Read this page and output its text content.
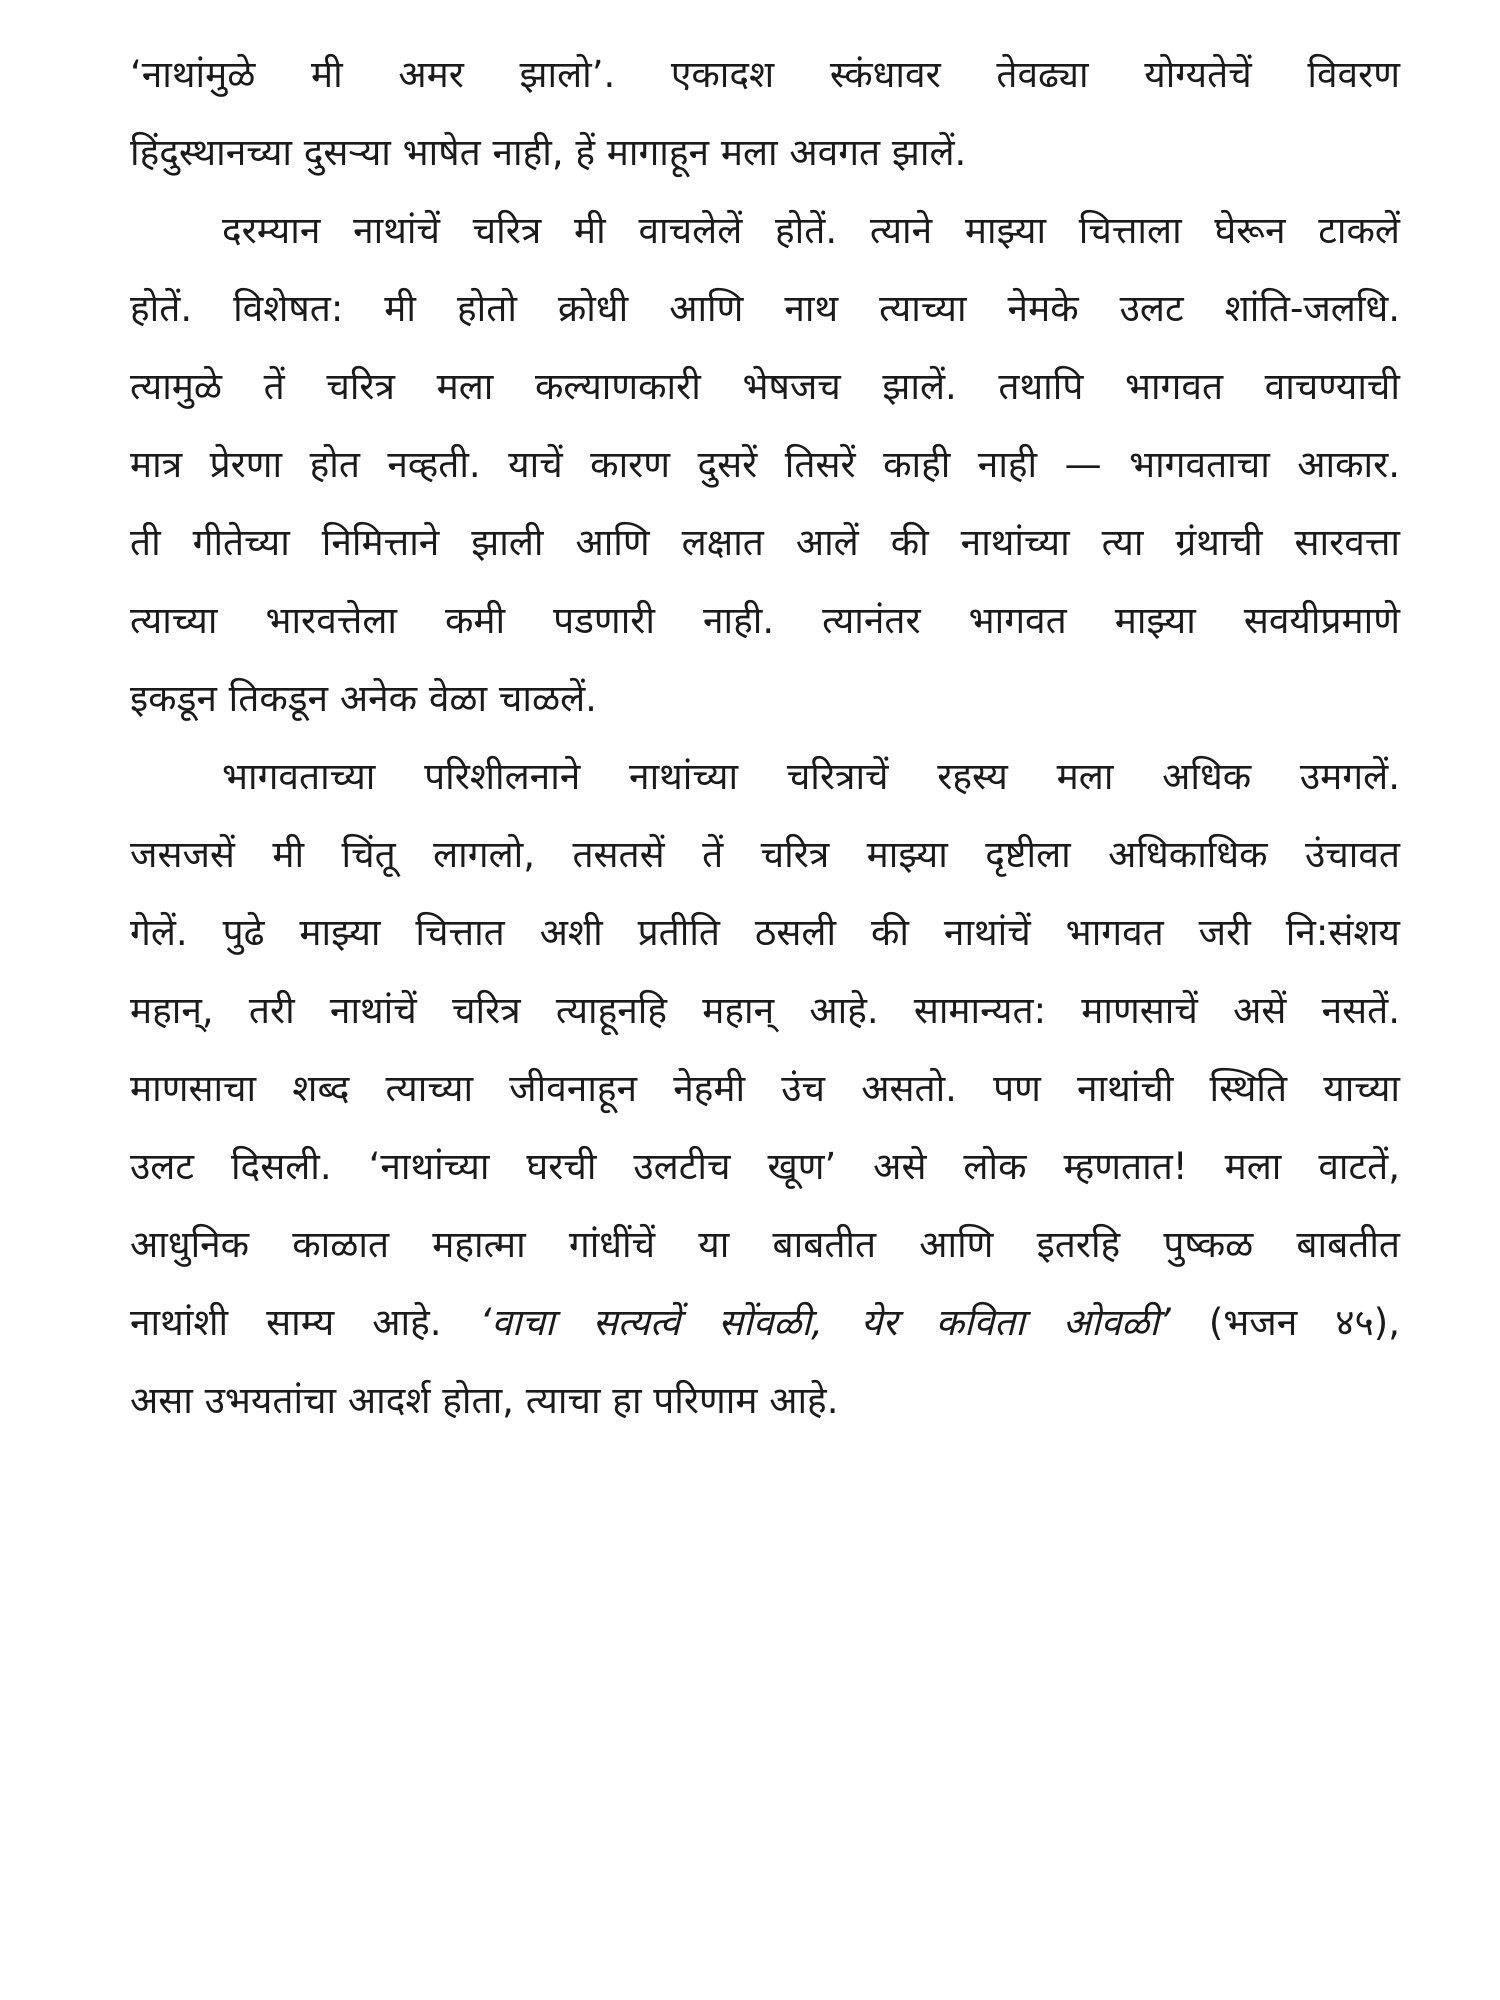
‘नाथांमुळे मी अमर झालो’. एकादश स्कंधावर तेवढ्या योग्यतेचें विवरण
हिंदुस्थानच्या दुसऱ्या भाषेत नाही, हें मागाहून मला अवगत झालें.
दरम्यान नाथांचें चरित्र मी वाचलेलें होतें. त्याने माझ्या चित्ताला घेरून टाकलें
होतें. विशेषत: मी होतो क्रोधी आणि नाथ त्याच्या नेमके उलट शांति-जलधि.
त्यामुळे तें चरित्र मला कल्याणकारी भेषजच झालें. तथापि भागवत वाचण्याची
मात्र प्रेरणा होत नव्हती. याचें कारण दुसरें तिसरें काही नाही — भागवताचा आकार.
ती गीतेच्या निमित्ताने झाली आणि लक्षात आलें की नाथांच्या त्या ग्रंथाची सारवत्ता
त्याच्या भारवत्तेला कमी पडणारी नाही. त्यानंतर भागवत माझ्या सवयीप्रमाणे
इकडून तिकडून अनेक वेळा चाळलें.
भागवताच्या परिशीलनाने नाथांच्या चरित्राचें रहस्य मला अधिक उमगलें.
जसजसें मी चिंतू लागलो, तसतसें तें चरित्र माझ्या दृष्टीला अधिकाधिक उंचावत
गेलें. पुढे माझ्या चित्तात अशी प्रतीति ठसली की नाथांचें भागवत जरी नि:संशय
महान्, तरी नाथांचें चरित्र त्याहूनहि महान् आहे. सामान्यत: माणसाचें असें नसतें.
माणसाचा शब्द त्याच्या जीवनाहून नेहमी उंच असतो. पण नाथांची स्थिति याच्या
उलट दिसली. ‘नाथांच्या घरची उलटीच खूण’ असे लोक म्हणतात! मला वाटतें,
आधुनिक काळात महात्मा गांधींचें या बाबतीत आणि इतरहि पुष्कळ बाबतीत
नाथांशी साम्य आहे. ‘वाचा सत्यत्वें सोंवळी, येर कविता ओवळी’ (भजन ४५),
असा उभयतांचा आदर्श होता, त्याचा हा परिणाम आहे.
